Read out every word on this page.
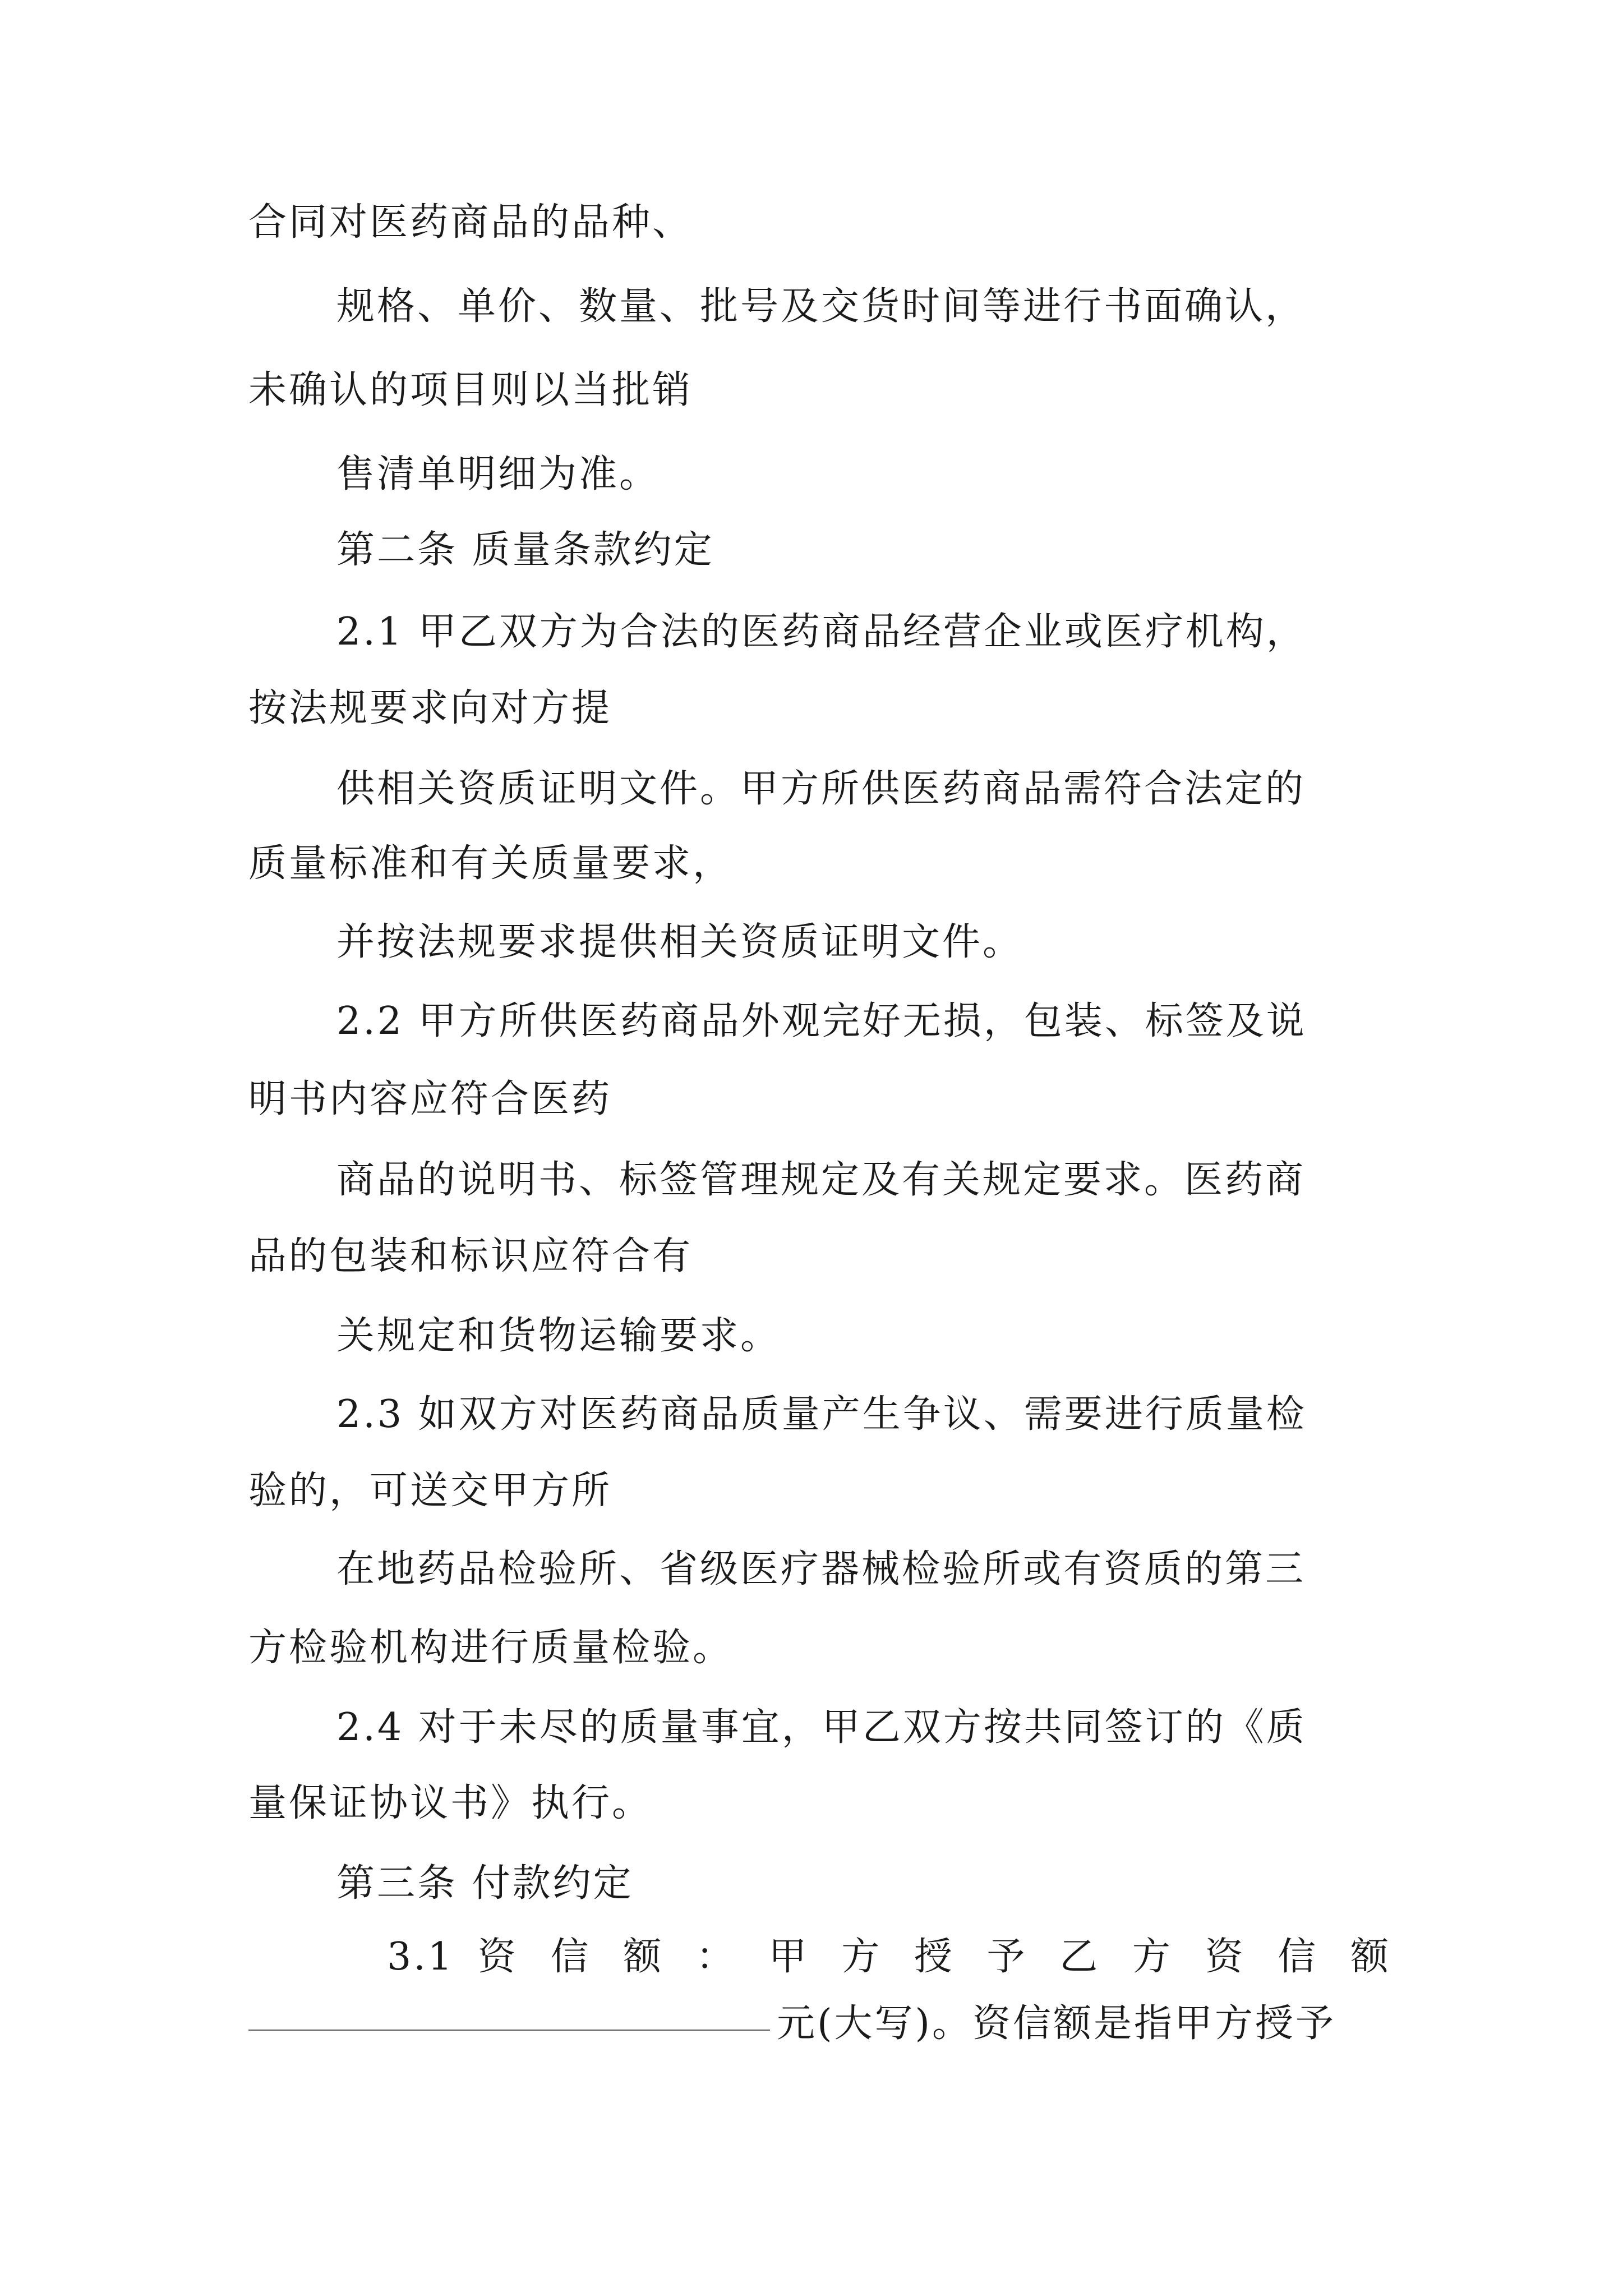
合同对医药商品的品种、
规格、单价、数量、批号及交货时间等进行书面确认，
未确认的项目则以当批销
售清单明细为准。
第二条 质量条款约定
2.1 甲乙双方为合法的医药商品经营企业或医疗机构，
按法规要求向对方提
供相关资质证明文件。甲方所供医药商品需符合法定的
质量标准和有关质量要求，
并按法规要求提供相关资质证明文件。
2.2 甲方所供医药商品外观完好无损，包装、标签及说
明书内容应符合医药
商品的说明书、标签管理规定及有关规定要求。医药商
品的包装和标识应符合有
关规定和货物运输要求。
2.3 如双方对医药商品质量产生争议、需要进行质量检
验的，可送交甲方所
在地药品检验所、省级医疗器械检验所或有资质的第三
方检验机构进行质量检验。
2.4 对于未尽的质量事宜，甲乙双方按共同签订的《质
量保证协议书》执行。
第三条 付款约定
3.1 资 信 额 ： 甲 方 授 予 乙 方 资 信 额
元(大写)。资信额是指甲方授予
